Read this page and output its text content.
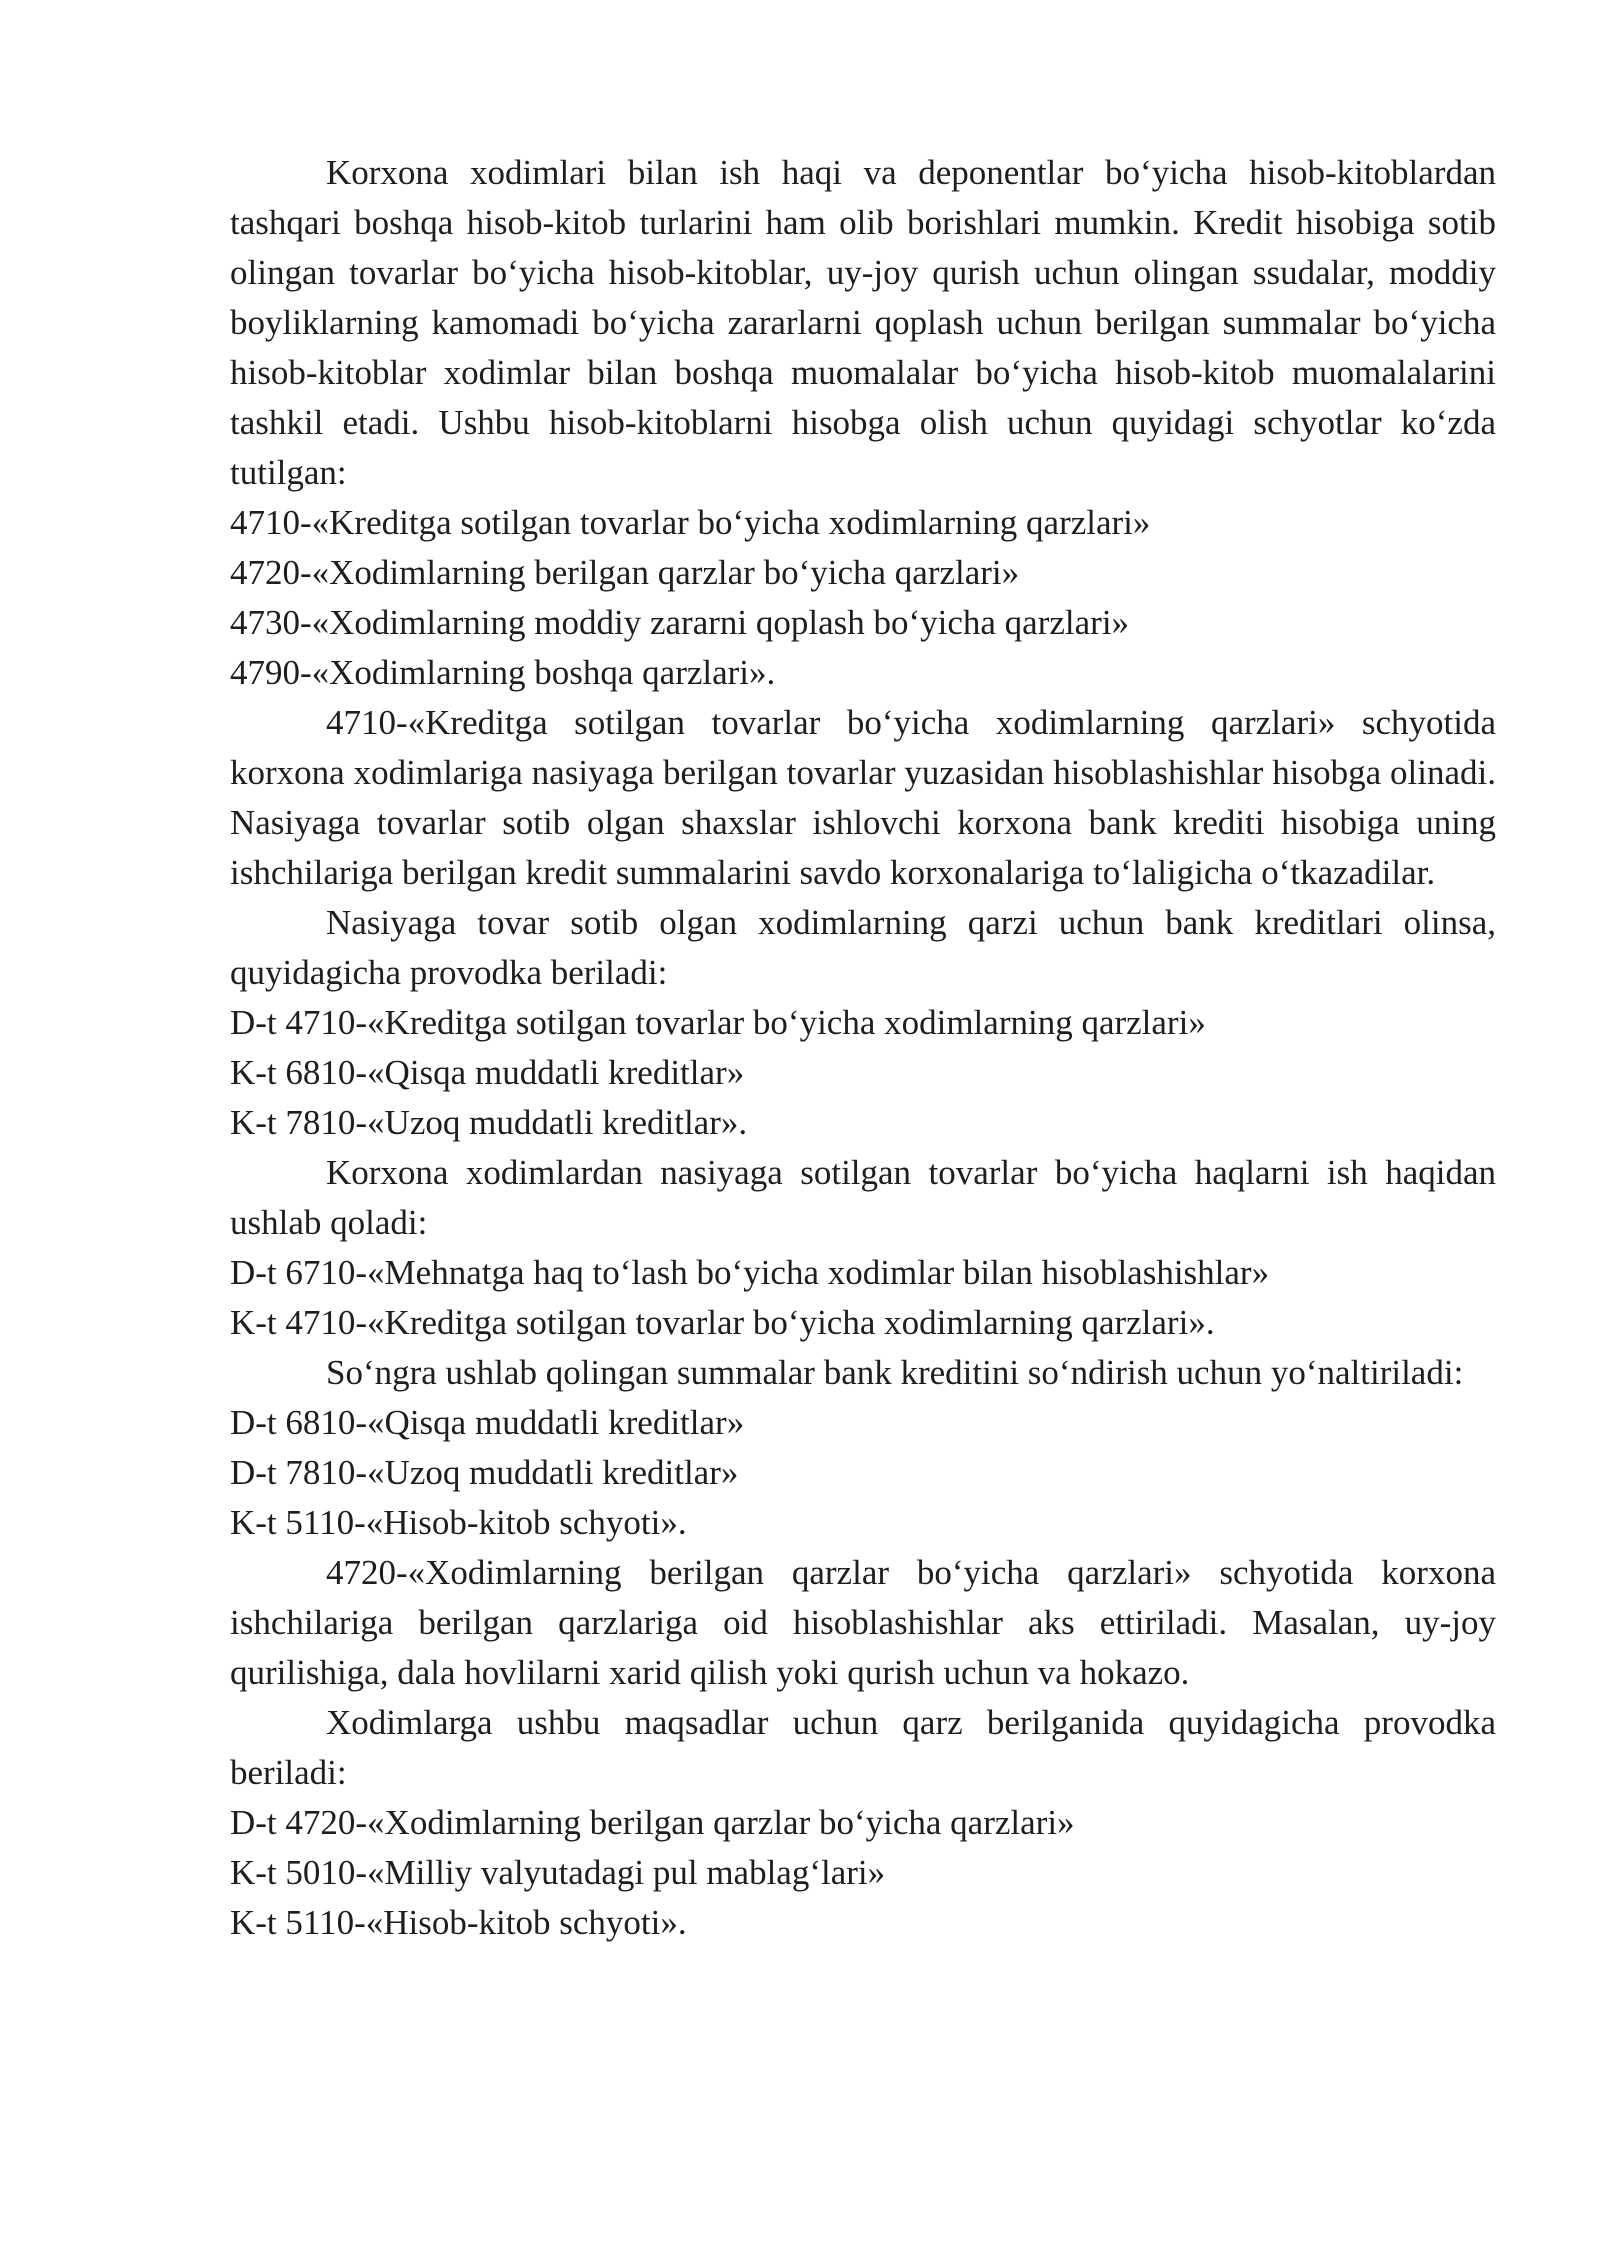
Korxona xodimlari bilan ish haqi va deponentlar bo‘yicha hisob-kitoblardan tashqari boshqa hisob-kitob turlarini ham olib borishlari mumkin. Kredit hisobiga sotib olingan tovarlar bo‘yicha hisob-kitoblar, uy-joy qurish uchun olingan ssudalar, moddiy boyliklarning kamomadi bo‘yicha zararlarni qoplash uchun berilgan summalar bo‘yicha hisob-kitoblar xodimlar bilan boshqa muomalalar bo‘yicha hisob-kitob muomalalarini tashkil etadi. Ushbu hisob-kitoblarni hisobga olish uchun quyidagi schyotlar ko‘zda tutilgan:

4710-«Kreditga sotilgan tovarlar bo‘yicha xodimlarning qarzlari»

4720-«Xodimlarning berilgan qarzlar bo‘yicha qarzlari»

4730-«Xodimlarning moddiy zararni qoplash bo‘yicha qarzlari»

4790-«Xodimlarning boshqa qarzlari».

4710-«Kreditga sotilgan tovarlar bo‘yicha xodimlarning qarzlari» schyotida korxona xodimlariga nasiyaga berilgan tovarlar yuzasidan hisoblashishlar hisobga olinadi. Nasiyaga tovarlar sotib olgan shaxslar ishlovchi korxona bank krediti hisobiga uning ishchilariga berilgan kredit summalarini savdo korxonalariga to‘laligicha o‘tkazadilar.

Nasiyaga tovar sotib olgan xodimlarning qarzi uchun bank kreditlari olinsa, quyidagicha provodka beriladi:

D-t 4710-«Kreditga sotilgan tovarlar bo‘yicha xodimlarning qarzlari»

K-t 6810-«Qisqa muddatli kreditlar»

K-t 7810-«Uzoq muddatli kreditlar».

Korxona xodimlardan nasiyaga sotilgan tovarlar bo‘yicha haqlarni ish haqidan ushlab qoladi:

D-t 6710-«Mehnatga haq to‘lash bo‘yicha xodimlar bilan hisoblashishlar»

K-t 4710-«Kreditga sotilgan tovarlar bo‘yicha xodimlarning qarzlari».

So‘ngra ushlab qolingan summalar bank kreditini so‘ndirish uchun yo‘naltiriladi:

D-t 6810-«Qisqa muddatli kreditlar»

D-t 7810-«Uzoq muddatli kreditlar»

K-t 5110-«Hisob-kitob schyoti».

4720-«Xodimlarning berilgan qarzlar bo‘yicha qarzlari» schyotida korxona ishchilariga berilgan qarzlariga oid hisoblashishlar aks ettiriladi. Masalan, uy-joy qurilishiga, dala hovlilarni xarid qilish yoki qurish uchun va hokazo.

Xodimlarga ushbu maqsadlar uchun qarz berilganida quyidagicha provodka beriladi:

D-t 4720-«Xodimlarning berilgan qarzlar bo‘yicha qarzlari»

K-t 5010-«Milliy valyutadagi pul mablag‘lari»

K-t 5110-«Hisob-kitob schyoti».
